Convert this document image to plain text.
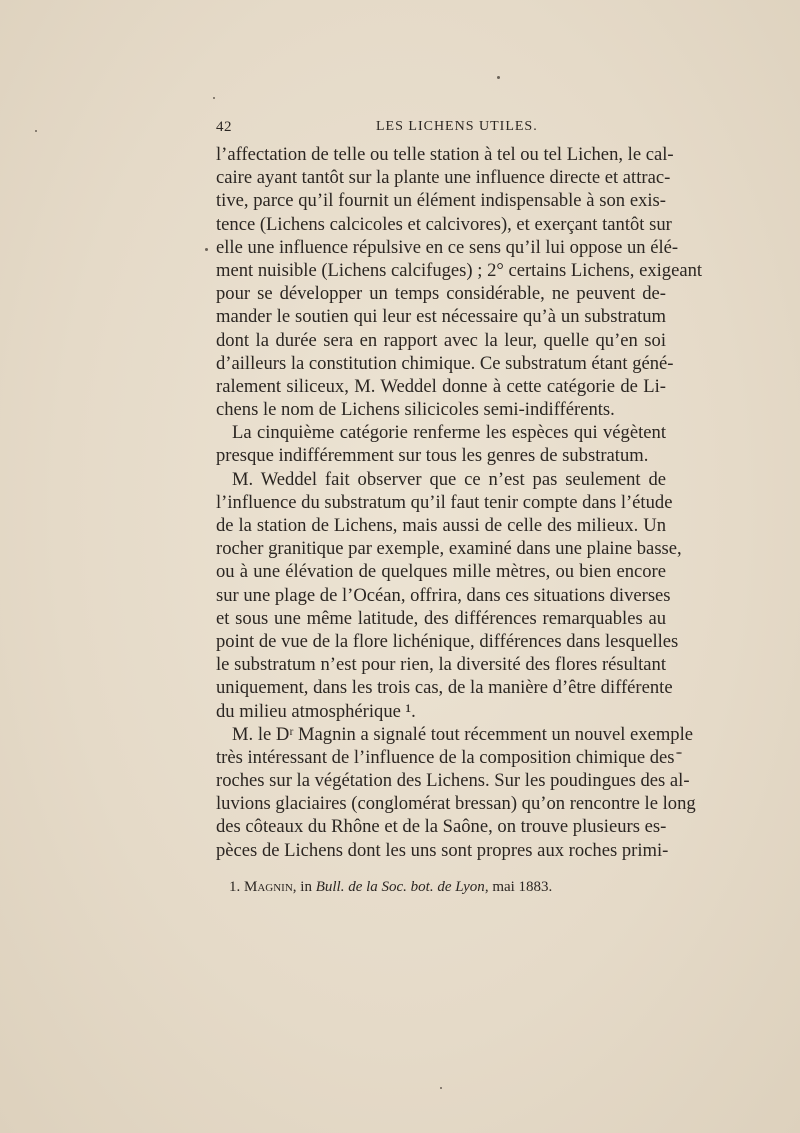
42	LES LICHENS UTILES.
l’affectation de telle ou telle station à tel ou tel Lichen, le cal-
caire ayant tantôt sur la plante une influence directe et attrac-
tive, parce qu’il fournit un élément indispensable à son exis-
tence (Lichens calcicoles et calcivores), et exerçant tantôt sur
elle une influence répulsive en ce sens qu’il lui oppose un élé-
ment nuisible (Lichens calcifuges) ; 2° certains Lichens, exigeant
pour se développer un temps considérable, ne peuvent de-
mander le soutien qui leur est nécessaire qu’à un substratum
dont la durée sera en rapport avec la leur, quelle qu’en soi
d’ailleurs la constitution chimique. Ce substratum étant géné-
ralement siliceux, M. Weddel donne à cette catégorie de Li-
chens le nom de Lichens silicicoles semi-indifférents.
La cinquième catégorie renferme les espèces qui végètent
presque indifféremment sur tous les genres de substratum.
M. Weddel fait observer que ce n’est pas seulement de
l’influence du substratum qu’il faut tenir compte dans l’étude
de la station de Lichens, mais aussi de celle des milieux. Un
rocher granitique par exemple, examiné dans une plaine basse,
ou à une élévation de quelques mille mètres, ou bien encore
sur une plage de l’Océan, offrira, dans ces situations diverses
et sous une même latitude, des différences remarquables au
point de vue de la flore lichénique, différences dans lesquelles
le substratum n’est pour rien, la diversité des flores résultant
uniquement, dans les trois cas, de la manière d’être différente
du milieu atmosphérique ¹.
M. le Dʳ Magnin a signalé tout récemment un nouvel exemple
très intéressant de l’influence de la composition chimique des
roches sur la végétation des Lichens. Sur les poudingues des al-
luvions glaciaires (conglomérat bressan) qu’on rencontre le long
des côteaux du Rhône et de la Saône, on trouve plusieurs es-
pèces de Lichens dont les uns sont propres aux roches primi-
1. Magnin, in Bull. de la Soc. bot. de Lyon, mai 1883.
